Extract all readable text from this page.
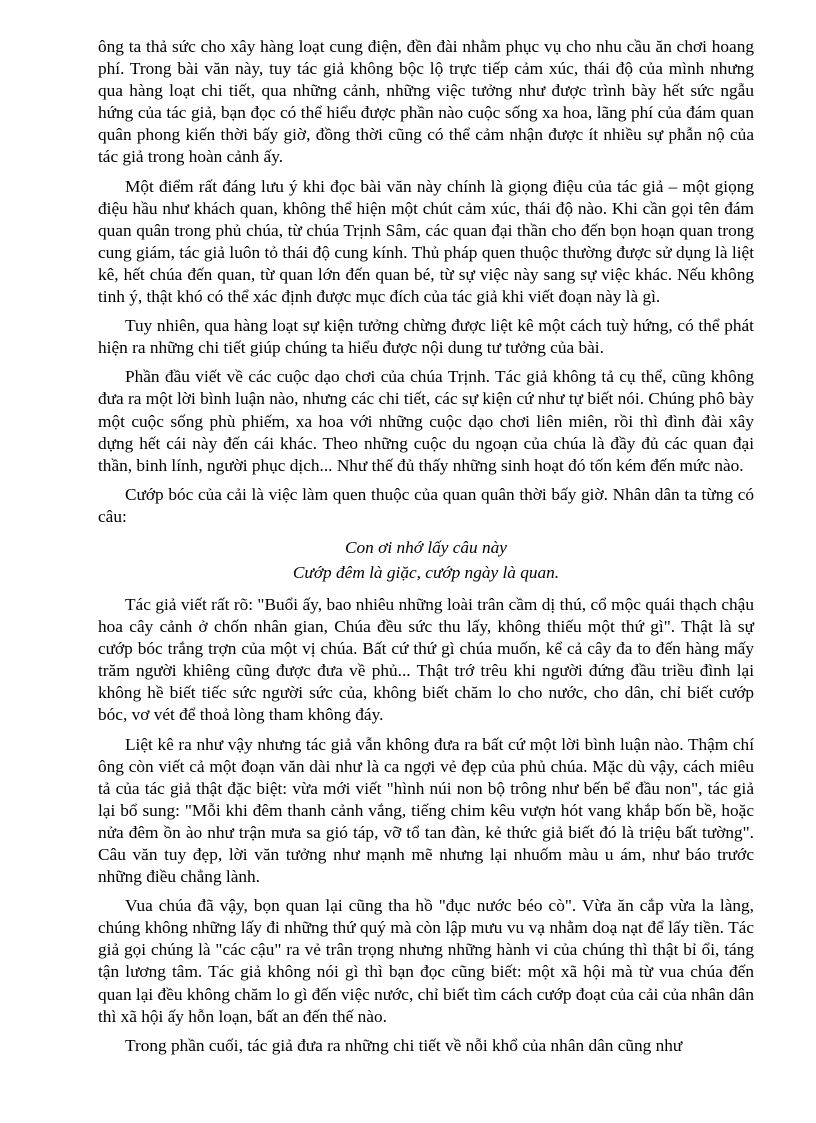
ông ta thả sức cho xây hàng loạt cung điện, đền đài nhằm phục vụ cho nhu cầu ăn chơi hoang phí. Trong bài văn này, tuy tác giả không bộc lộ trực tiếp cảm xúc, thái độ của mình nhưng qua hàng loạt chi tiết, qua những cảnh, những việc tưởng như được trình bày hết sức ngẫu hứng của tác giả, bạn đọc có thể hiểu được phần nào cuộc sống xa hoa, lãng phí của đám quan quân phong kiến thời bấy giờ, đồng thời cũng có thể cảm nhận được ít nhiều sự phẫn nộ của tác giả trong hoàn cảnh ấy.

Một điểm rất đáng lưu ý khi đọc bài văn này chính là giọng điệu của tác giả – một giọng điệu hầu như khách quan, không thể hiện một chút cảm xúc, thái độ nào. Khi cần gọi tên đám quan quân trong phủ chúa, từ chúa Trịnh Sâm, các quan đại thần cho đến bọn hoạn quan trong cung giám, tác giả luôn tỏ thái độ cung kính. Thủ pháp quen thuộc thường được sử dụng là liệt kê, hết chúa đến quan, từ quan lớn đến quan bé, từ sự việc này sang sự việc khác. Nếu không tinh ý, thật khó có thể xác định được mục đích của tác giả khi viết đoạn này là gì.

Tuy nhiên, qua hàng loạt sự kiện tưởng chừng được liệt kê một cách tuỳ hứng, có thể phát hiện ra những chi tiết giúp chúng ta hiểu được nội dung tư tưởng của bài.

Phần đầu viết về các cuộc dạo chơi của chúa Trịnh. Tác giả không tả cụ thể, cũng không đưa ra một lời bình luận nào, nhưng các chi tiết, các sự kiện cứ như tự biết nói. Chúng phô bày một cuộc sống phù phiếm, xa hoa với những cuộc dạo chơi liên miên, rồi thì đình đài xây dựng hết cái này đến cái khác. Theo những cuộc du ngoạn của chúa là đầy đủ các quan đại thần, binh lính, người phục dịch... Như thế đủ thấy những sinh hoạt đó tốn kém đến mức nào.

Cướp bóc của cải là việc làm quen thuộc của quan quân thời bấy giờ. Nhân dân ta từng có câu:

Con ơi nhớ lấy câu này
Cướp đêm là giặc, cướp ngày là quan.

Tác giả viết rất rõ: "Buổi ấy, bao nhiêu những loài trân cầm dị thú, cổ mộc quái thạch chậu hoa cây cảnh ở chốn nhân gian, Chúa đều sức thu lấy, không thiếu một thứ gì". Thật là sự cướp bóc trắng trợn của một vị chúa. Bất cứ thứ gì chúa muốn, kể cả cây đa to đến hàng mấy trăm người khiêng cũng được đưa về phủ... Thật trớ trêu khi người đứng đầu triều đình lại không hề biết tiếc sức người sức của, không biết chăm lo cho nước, cho dân, chỉ biết cướp bóc, vơ vét để thoả lòng tham không đáy.

Liệt kê ra như vậy nhưng tác giả vẫn không đưa ra bất cứ một lời bình luận nào. Thậm chí ông còn viết cả một đoạn văn dài như là ca ngợi vẻ đẹp của phủ chúa. Mặc dù vậy, cách miêu tả của tác giả thật đặc biệt: vừa mới viết "hình núi non bộ trông như bến bể đầu non", tác giả lại bổ sung: "Mỗi khi đêm thanh cảnh vắng, tiếng chim kêu vượn hót vang khắp bốn bề, hoặc nửa đêm ồn ào như trận mưa sa gió táp, vỡ tổ tan đàn, kẻ thức giả biết đó là triệu bất tường". Câu văn tuy đẹp, lời văn tưởng như mạnh mẽ nhưng lại nhuốm màu u ám, như báo trước những điều chẳng lành.

Vua chúa đã vậy, bọn quan lại cũng tha hồ "đục nước béo cò". Vừa ăn cắp vừa la làng, chúng không những lấy đi những thứ quý mà còn lập mưu vu vạ nhằm doạ nạt để lấy tiền. Tác giả gọi chúng là "các cậu" ra vẻ trân trọng nhưng những hành vi của chúng thì thật bỉ ổi, táng tận lương tâm. Tác giả không nói gì thì bạn đọc cũng biết: một xã hội mà từ vua chúa đến quan lại đều không chăm lo gì đến việc nước, chỉ biết tìm cách cướp đoạt của cải của nhân dân thì xã hội ấy hỗn loạn, bất an đến thế nào.

Trong phần cuối, tác giả đưa ra những chi tiết về nỗi khổ của nhân dân cũng như
